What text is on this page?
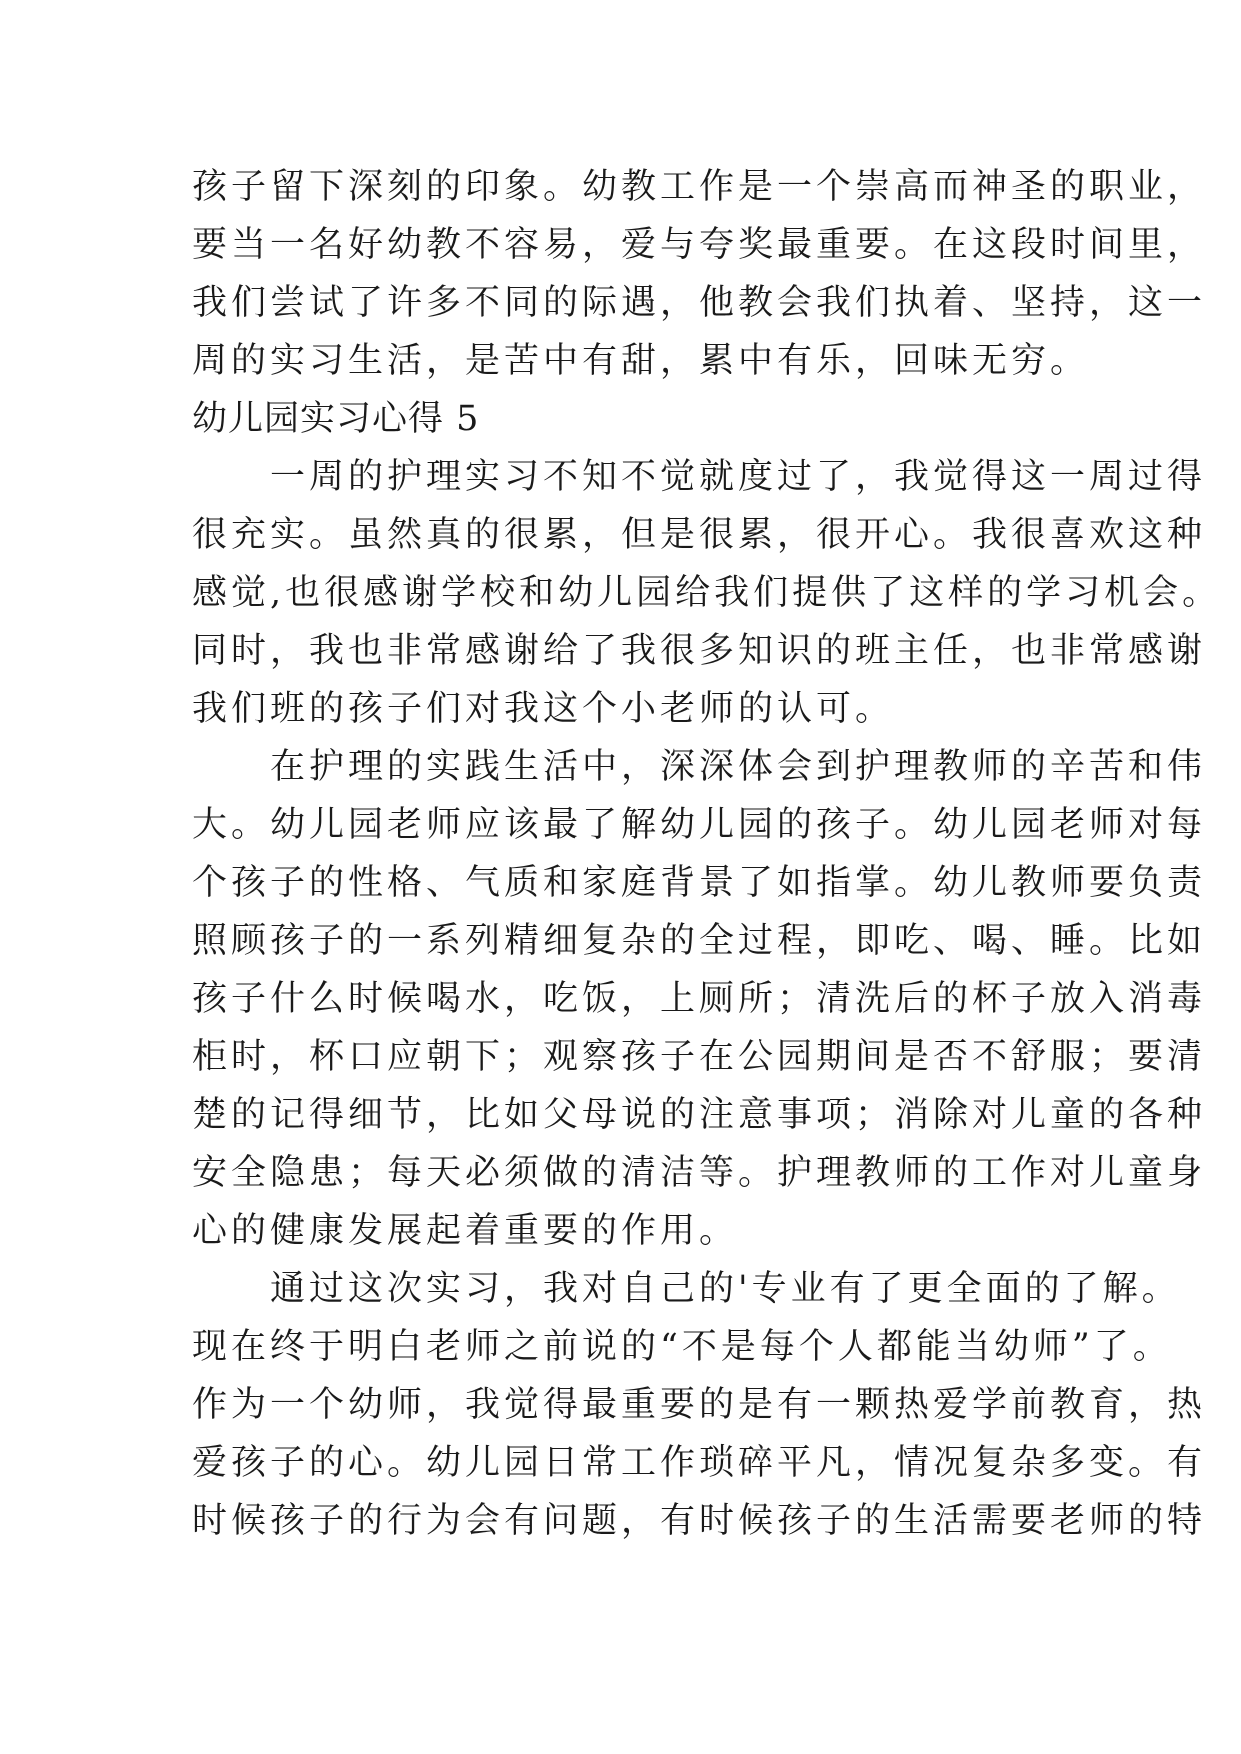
孩子留下深刻的印象。幼教工作是一个崇高而神圣的职业，
要当一名好幼教不容易，爱与夸奖最重要。在这段时间里，
我们尝试了许多不同的际遇，他教会我们执着、坚持，这一
周的实习生活，是苦中有甜，累中有乐，回味无穷。
幼儿园实习心得 5
　　一周的护理实习不知不觉就度过了，我觉得这一周过得
很充实。虽然真的很累，但是很累，很开心。我很喜欢这种
感觉,也很感谢学校和幼儿园给我们提供了这样的学习机会。
同时，我也非常感谢给了我很多知识的班主任，也非常感谢
我们班的孩子们对我这个小老师的认可。
　　在护理的实践生活中，深深体会到护理教师的辛苦和伟
大。幼儿园老师应该最了解幼儿园的孩子。幼儿园老师对每
个孩子的性格、气质和家庭背景了如指掌。幼儿教师要负责
照顾孩子的一系列精细复杂的全过程，即吃、喝、睡。比如
孩子什么时候喝水，吃饭，上厕所；清洗后的杯子放入消毒
柜时，杯口应朝下；观察孩子在公园期间是否不舒服；要清
楚的记得细节，比如父母说的注意事项；消除对儿童的各种
安全隐患；每天必须做的清洁等。护理教师的工作对儿童身
心的健康发展起着重要的作用。
　　通过这次实习，我对自己的'专业有了更全面的了解。
现在终于明白老师之前说的“不是每个人都能当幼师”了。
作为一个幼师，我觉得最重要的是有一颗热爱学前教育，热
爱孩子的心。幼儿园日常工作琐碎平凡，情况复杂多变。有
时候孩子的行为会有问题，有时候孩子的生活需要老师的特
